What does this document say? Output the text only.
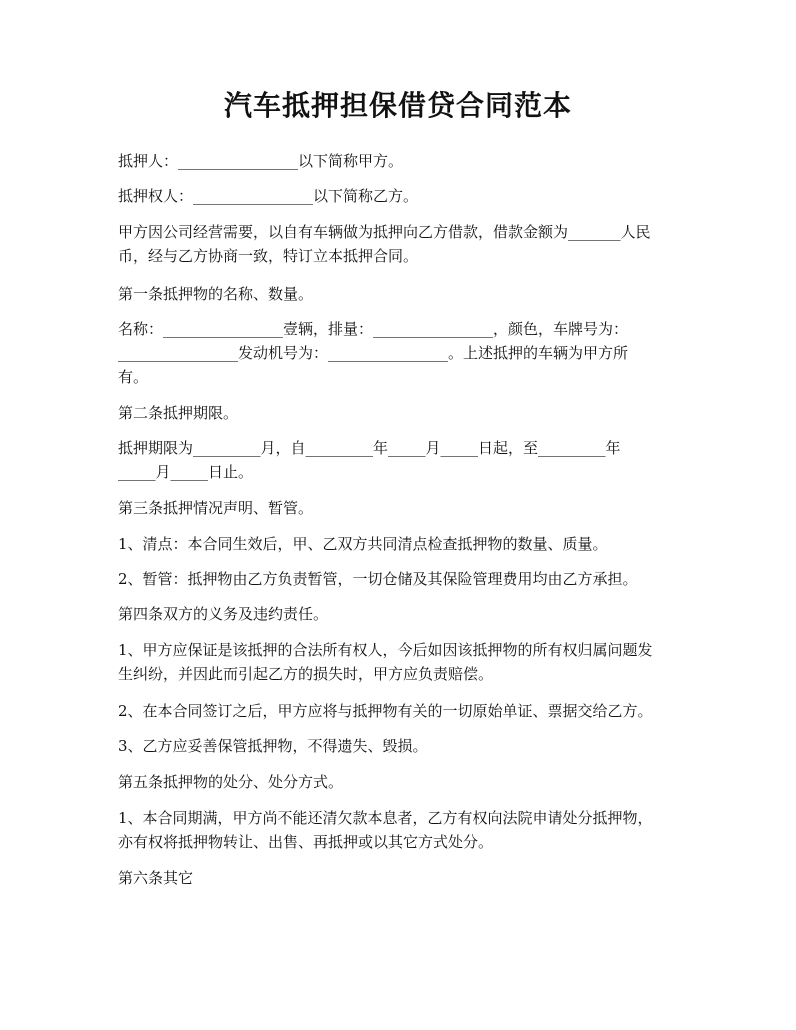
汽车抵押担保借贷合同范本

抵押人：________________以下简称甲方。

抵押权人：________________以下简称乙方。

甲方因公司经营需要，以自有车辆做为抵押向乙方借款，借款金额为_______人民
币，经与乙方协商一致，特订立本抵押合同。

第一条抵押物的名称、数量。

名称：________________壹辆，排量：________________，颜色，车牌号为：
________________发动机号为：________________。上述抵押的车辆为甲方所
有。

第二条抵押期限。

抵押期限为_________月，自_________年_____月_____日起，至_________年
_____月_____日止。

第三条抵押情况声明、暂管。

1、清点：本合同生效后，甲、乙双方共同清点检查抵押物的数量、质量。

2、暂管：抵押物由乙方负责暂管，一切仓储及其保险管理费用均由乙方承担。

第四条双方的义务及违约责任。

1、甲方应保证是该抵押的合法所有权人，今后如因该抵押物的所有权归属问题发
生纠纷，并因此而引起乙方的损失时，甲方应负责赔偿。

2、在本合同签订之后，甲方应将与抵押物有关的一切原始单证、票据交给乙方。

3、乙方应妥善保管抵押物，不得遗失、毁损。

第五条抵押物的处分、处分方式。

1、本合同期满，甲方尚不能还清欠款本息者，乙方有权向法院申请处分抵押物，
亦有权将抵押物转让、出售、再抵押或以其它方式处分。

第六条其它
